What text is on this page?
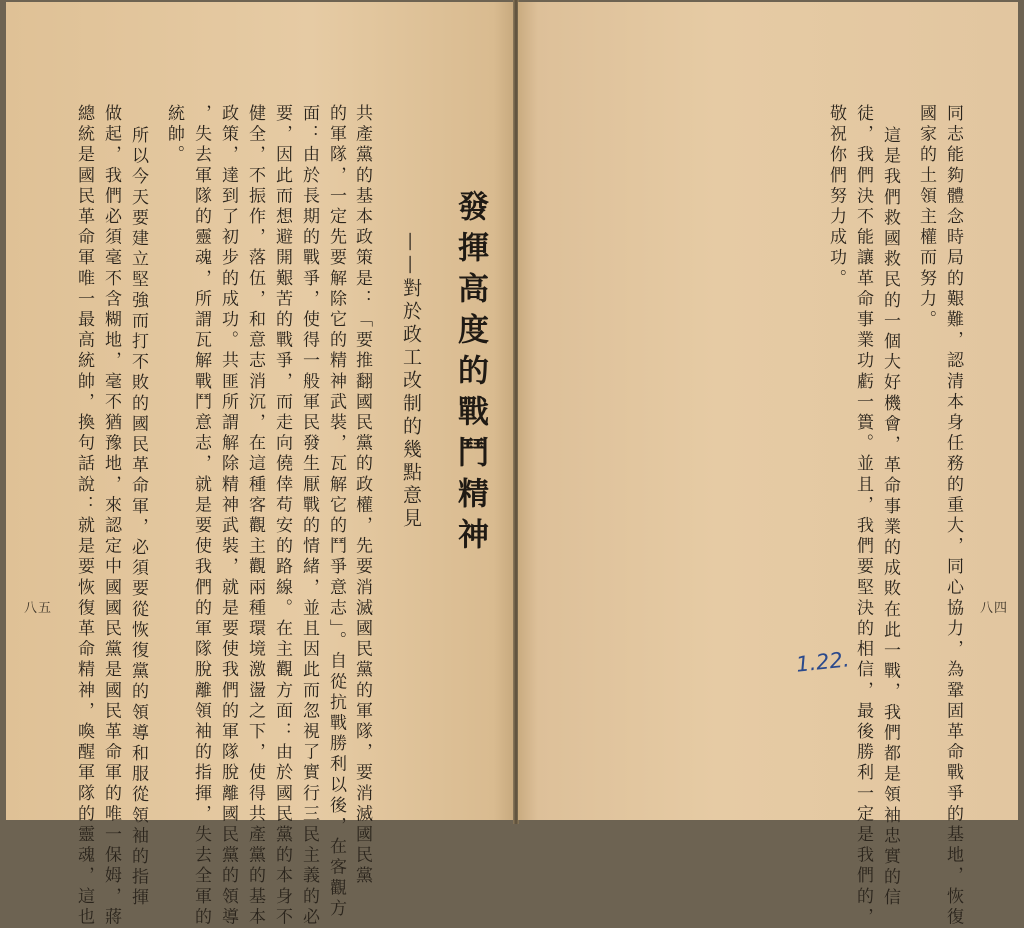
發揮高度的戰鬥精神
——對於政工改制的幾點意見
共產黨的基本政策是：「要推翻國民黨的政權，先要消滅國民黨的軍隊，要消滅國民黨
的軍隊，一定先要解除它的精神武裝，瓦解它的鬥爭意志」。自從抗戰勝利以後，在客觀方
面：由於長期的戰爭，使得一般軍民發生厭戰的情緒，並且因此而忽視了實行三民主義的必
要，因此而想避開艱苦的戰爭，而走向僥倖苟安的路線。在主觀方面：由於國民黨的本身不
健全，不振作，落伍，和意志消沉，在這種客觀主觀兩種環境激盪之下，使得共產黨的基本
政策，達到了初步的成功。共匪所謂解除精神武裝，就是要使我們的軍隊脫離國民黨的領導
，失去軍隊的靈魂，所謂瓦解戰鬥意志，就是要使我們的軍隊脫離領袖的指揮，失去全軍的
統帥。
所以今天要建立堅強而打不敗的國民革命軍，必須要從恢復黨的領導和服從領袖的指揮
做起，我們必須毫不含糊地，毫不猶豫地，來認定中國國民黨是國民革命軍的唯一保姆，蔣
總統是國民革命軍唯一最高統帥，換句話說：就是要恢復革命精神，喚醒軍隊的靈魂，這也
八五	同志能夠體念時局的艱難，認清本身任務的重大，同心協力，為鞏固革命戰爭的基地，恢復
國家的土領主權而努力。
這是我們救國救民的一個大好機會，革命事業的成敗在此一戰，我們都是領袖忠實的信
徒，我們決不能讓革命事業功虧一簣。並且，我們要堅決的相信，最後勝利一定是我們的，
敬祝你們努力成功。
八四
1.22.
